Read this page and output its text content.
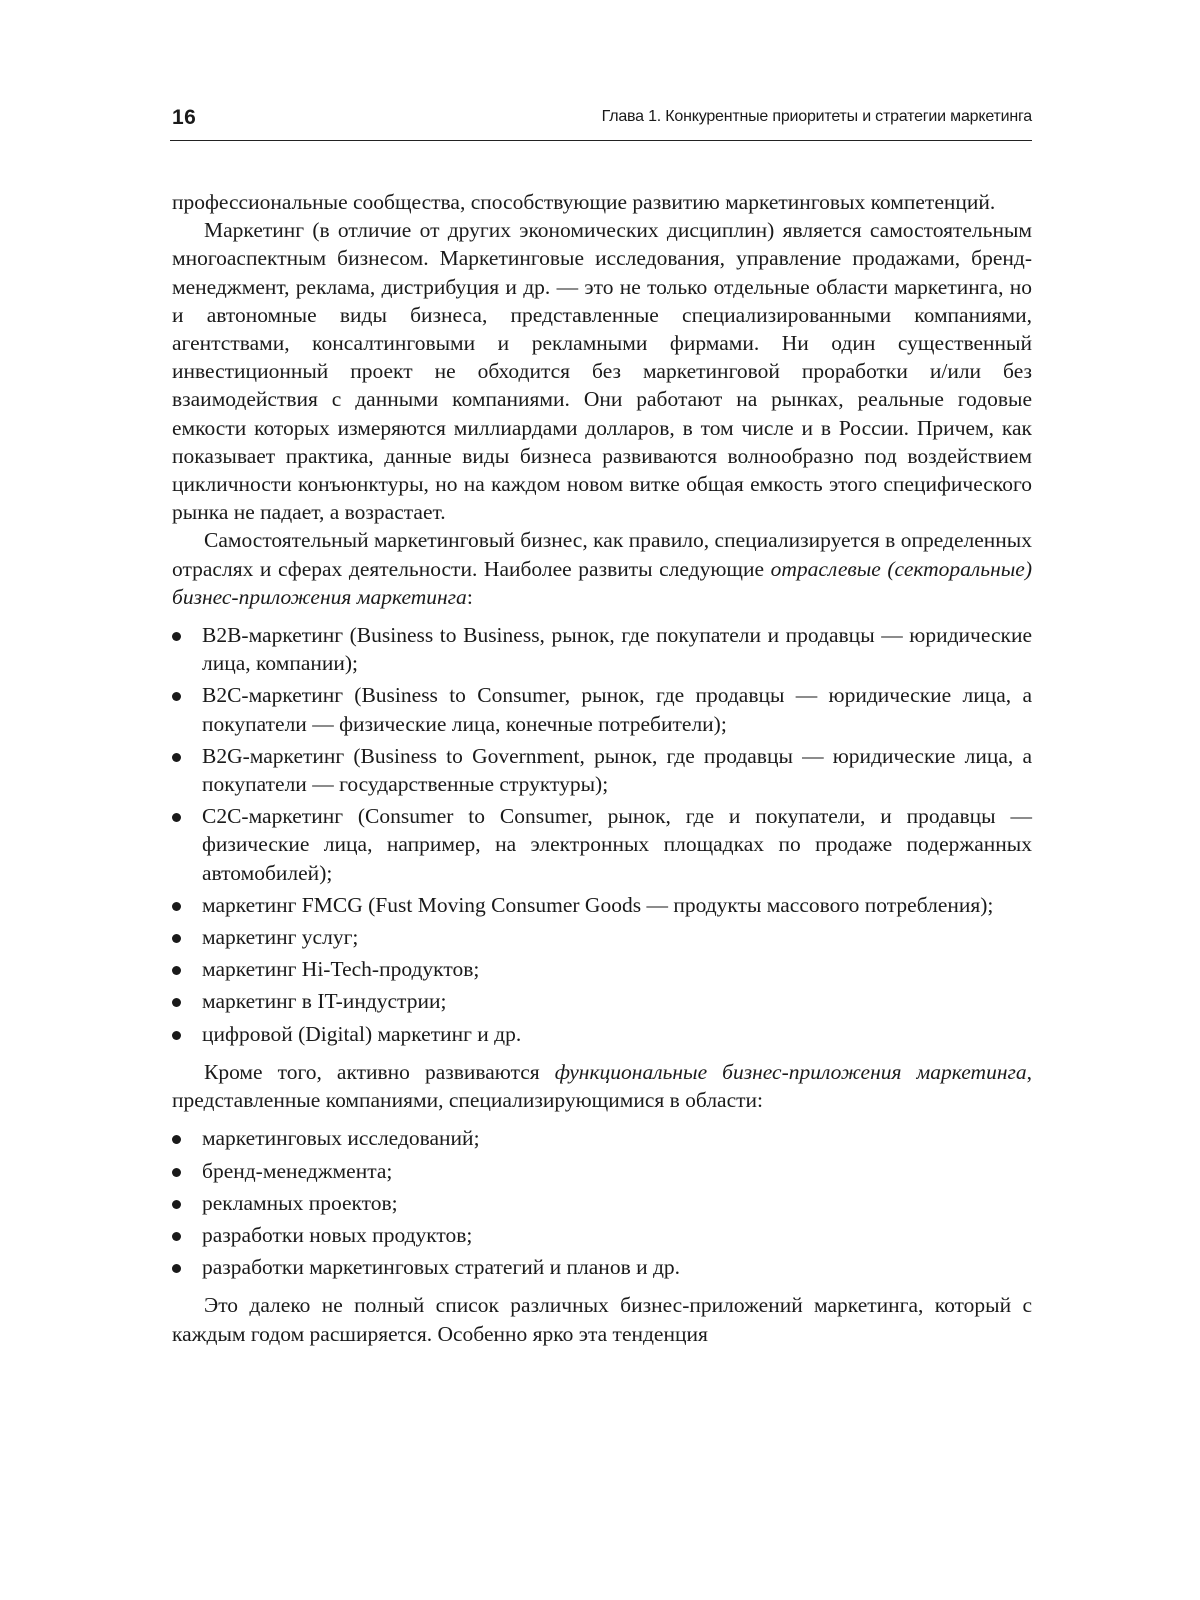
16	Глава 1. Конкурентные приоритеты и стратегии маркетинга

профессиональные сообщества, способствующие развитию маркетинговых компетенций.

Маркетинг (в отличие от других экономических дисциплин) является самостоятельным многоаспектным бизнесом. Маркетинговые исследования, управление продажами, бренд-менеджмент, реклама, дистрибуция и др. — это не только отдельные области маркетинга, но и автономные виды бизнеса, представленные специализированными компаниями, агентствами, консалтинговыми и рекламными фирмами. Ни один существенный инвестиционный проект не обходится без маркетинговой проработки и/или без взаимодействия с данными компаниями. Они работают на рынках, реальные годовые емкости которых измеряются миллиардами долларов, в том числе и в России. Причем, как показывает практика, данные виды бизнеса развиваются волнообразно под воздействием цикличности конъюнктуры, но на каждом новом витке общая емкость этого специфического рынка не падает, а возрастает.

Самостоятельный маркетинговый бизнес, как правило, специализируется в определенных отраслях и сферах деятельности. Наиболее развиты следующие отраслевые (секторальные) бизнес-приложения маркетинга:

B2B-маркетинг (Business to Business, рынок, где покупатели и продавцы — юридические лица, компании);
B2C-маркетинг (Business to Consumer, рынок, где продавцы — юридические лица, а покупатели — физические лица, конечные потребители);
B2G-маркетинг (Business to Government, рынок, где продавцы — юридические лица, а покупатели — государственные структуры);
C2C-маркетинг (Consumer to Consumer, рынок, где и покупатели, и продавцы — физические лица, например, на электронных площадках по продаже подержанных автомобилей);
маркетинг FMCG (Fust Moving Consumer Goods — продукты массового потребления);
маркетинг услуг;
маркетинг Hi-Tech-продуктов;
маркетинг в IT-индустрии;
цифровой (Digital) маркетинг и др.

Кроме того, активно развиваются функциональные бизнес-приложения маркетинга, представленные компаниями, специализирующимися в области:

маркетинговых исследований;
бренд-менеджмента;
рекламных проектов;
разработки новых продуктов;
разработки маркетинговых стратегий и планов и др.

Это далеко не полный список различных бизнес-приложений маркетинга, который с каждым годом расширяется. Особенно ярко эта тенденция
